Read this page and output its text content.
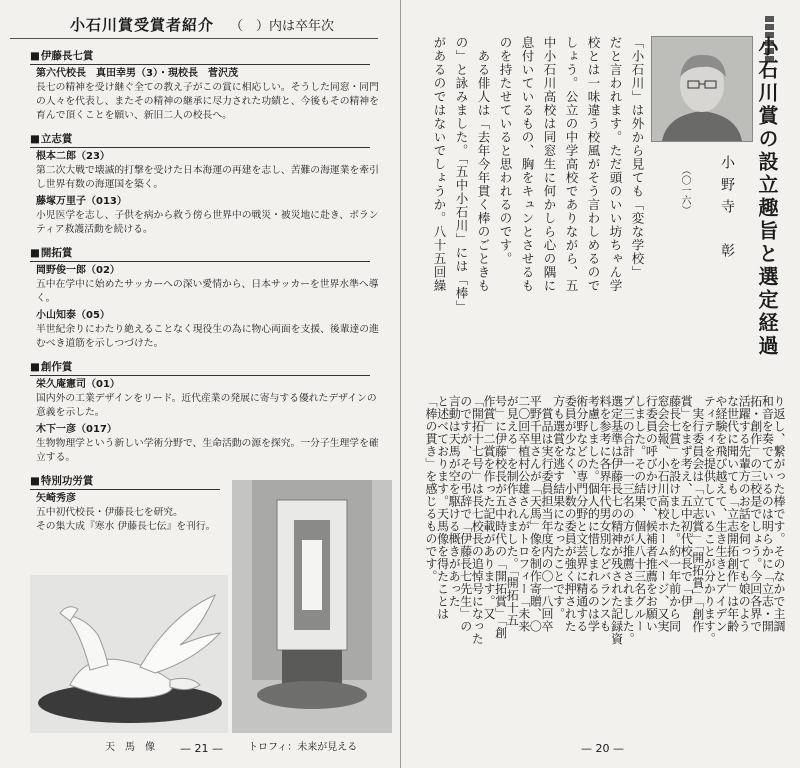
小石川賞受賞者紹介 （　）内は卒年次
■ 伊藤長七賞
第六代校長　真田幸男（3）・現校長　菅沢茂
長七の精神を受け継ぐ全ての教え子がこの賞に相応しい。そうした同窓・同門の人々を代表し、またその精神の継承に尽力された功績と、今後もその精神を育んで頂くことを願い、新旧二人の校長へ。
■ 立志賞
根本二郎（23）
第二次大戦で壊滅的打撃を受けた日本海運の再建を志し、苦難の海運業を牽引し世界有数の海運国を築く。
藤塚万里子（013）
小児医学を志し、子供を病から救う傍ら世界中の戦災・被災地に赴き、ボランティア救護活動を続ける。
■ 開拓賞
岡野俊一郎（02）
五中在学中に始めたサッカーへの深い愛情から、日本サッカーを世界水準へ導く。
小山知泰（05）
半世紀余りにわたり絶えることなく現役生の為に物心両面を支援、後輩達の進むべき道筋を示しつづけた。
■ 創作賞
栄久庵憲司（01）
国内外の工業デザインをリード。近代産業の発展に寄与する優れたデザインの意義を示した。
木下一彦（017）
生物物理学という新しい学術分野で、生命活動の源を探究。一分子生理学を確立する。
■ 特別功労賞
矢崎秀彦
五中初代校長・伊藤長七を研究。
その集大成『寒水 伊藤長七伝』を刊行。
天　馬　像	トロフィ：未来が見える
— 21 —
小石川賞の設立趣旨と選定経過
小野寺　彰
（〇一六）
「小石川」は外から見ても「変な学校」
だと言われます。ただ頭のいい坊ちゃん学
校とは一味違う校風がそう言わしめるので
しょう。公立の中学高校でありながら、五
中小石川高校は同窓生に何かしら心の隅に
息付いているもの、胸をキュンとさせるも
のを持たせていると思われるのです。
　ある俳人は「去年今年貫く棒のごときも
の」と詠みました。「五中小石川」には「棒」
があるのではないでしょうか。八十五回繰
り返し、繋がった棒です。そのなかで主調
和音を奏でているのは明らかに「立志・開
拓・創作」の三校是でしょう。今回各界で
活躍する先輩方のお話を伺っても娘のよう
な世代に聞いても「立志開拓創作」は年齢
や経験を飛び越えて、生き生きとアイデン
ティティを提供していることが分かります。
　実行委員会は「立志賞」「開拓賞」「創作
賞」をまず考え、五中初代校長で「伊
藤長七賞」を設けました。約一年前から同
窓会会報、小石川高校ホームページ、又実
行委員の呼びかけで、候補者推薦をお願い
しました。その結果、個人八十三名グルー
プ三の合計一一三名の方が推薦されました。
選定基準は伊藤長七の精神が残された記録資
料を参考に各界年代男女別などバランスも
考慮しました。個人的に惜しまれるのは学
術分野などの専門分野と文芸界に精通する
委員が少なく、小数の委員が強く押された
方も選賞を逃す結果になったことです。
　賞品は実行委員担当年度内の〇一八回卒
平野千里さんが「天馬」像を制作寄贈、〇
二〇回卒植村公雄さんがトロフィー「未来
が見える」を制作されました。「開拓十五
号」に伊藤校長が五中時代の「開拓賞」「創
作賞」二賞を作った記載があります。又
「開拓十七号」は長七校長の追悼号になった
のですが、その弔辞で「伊藤長七先生」の
言動は天馬が空を駆ける概きがあった
と述べております。天馬像を得たことは
「棒の貫き」を感じるものです。
— 20 —
